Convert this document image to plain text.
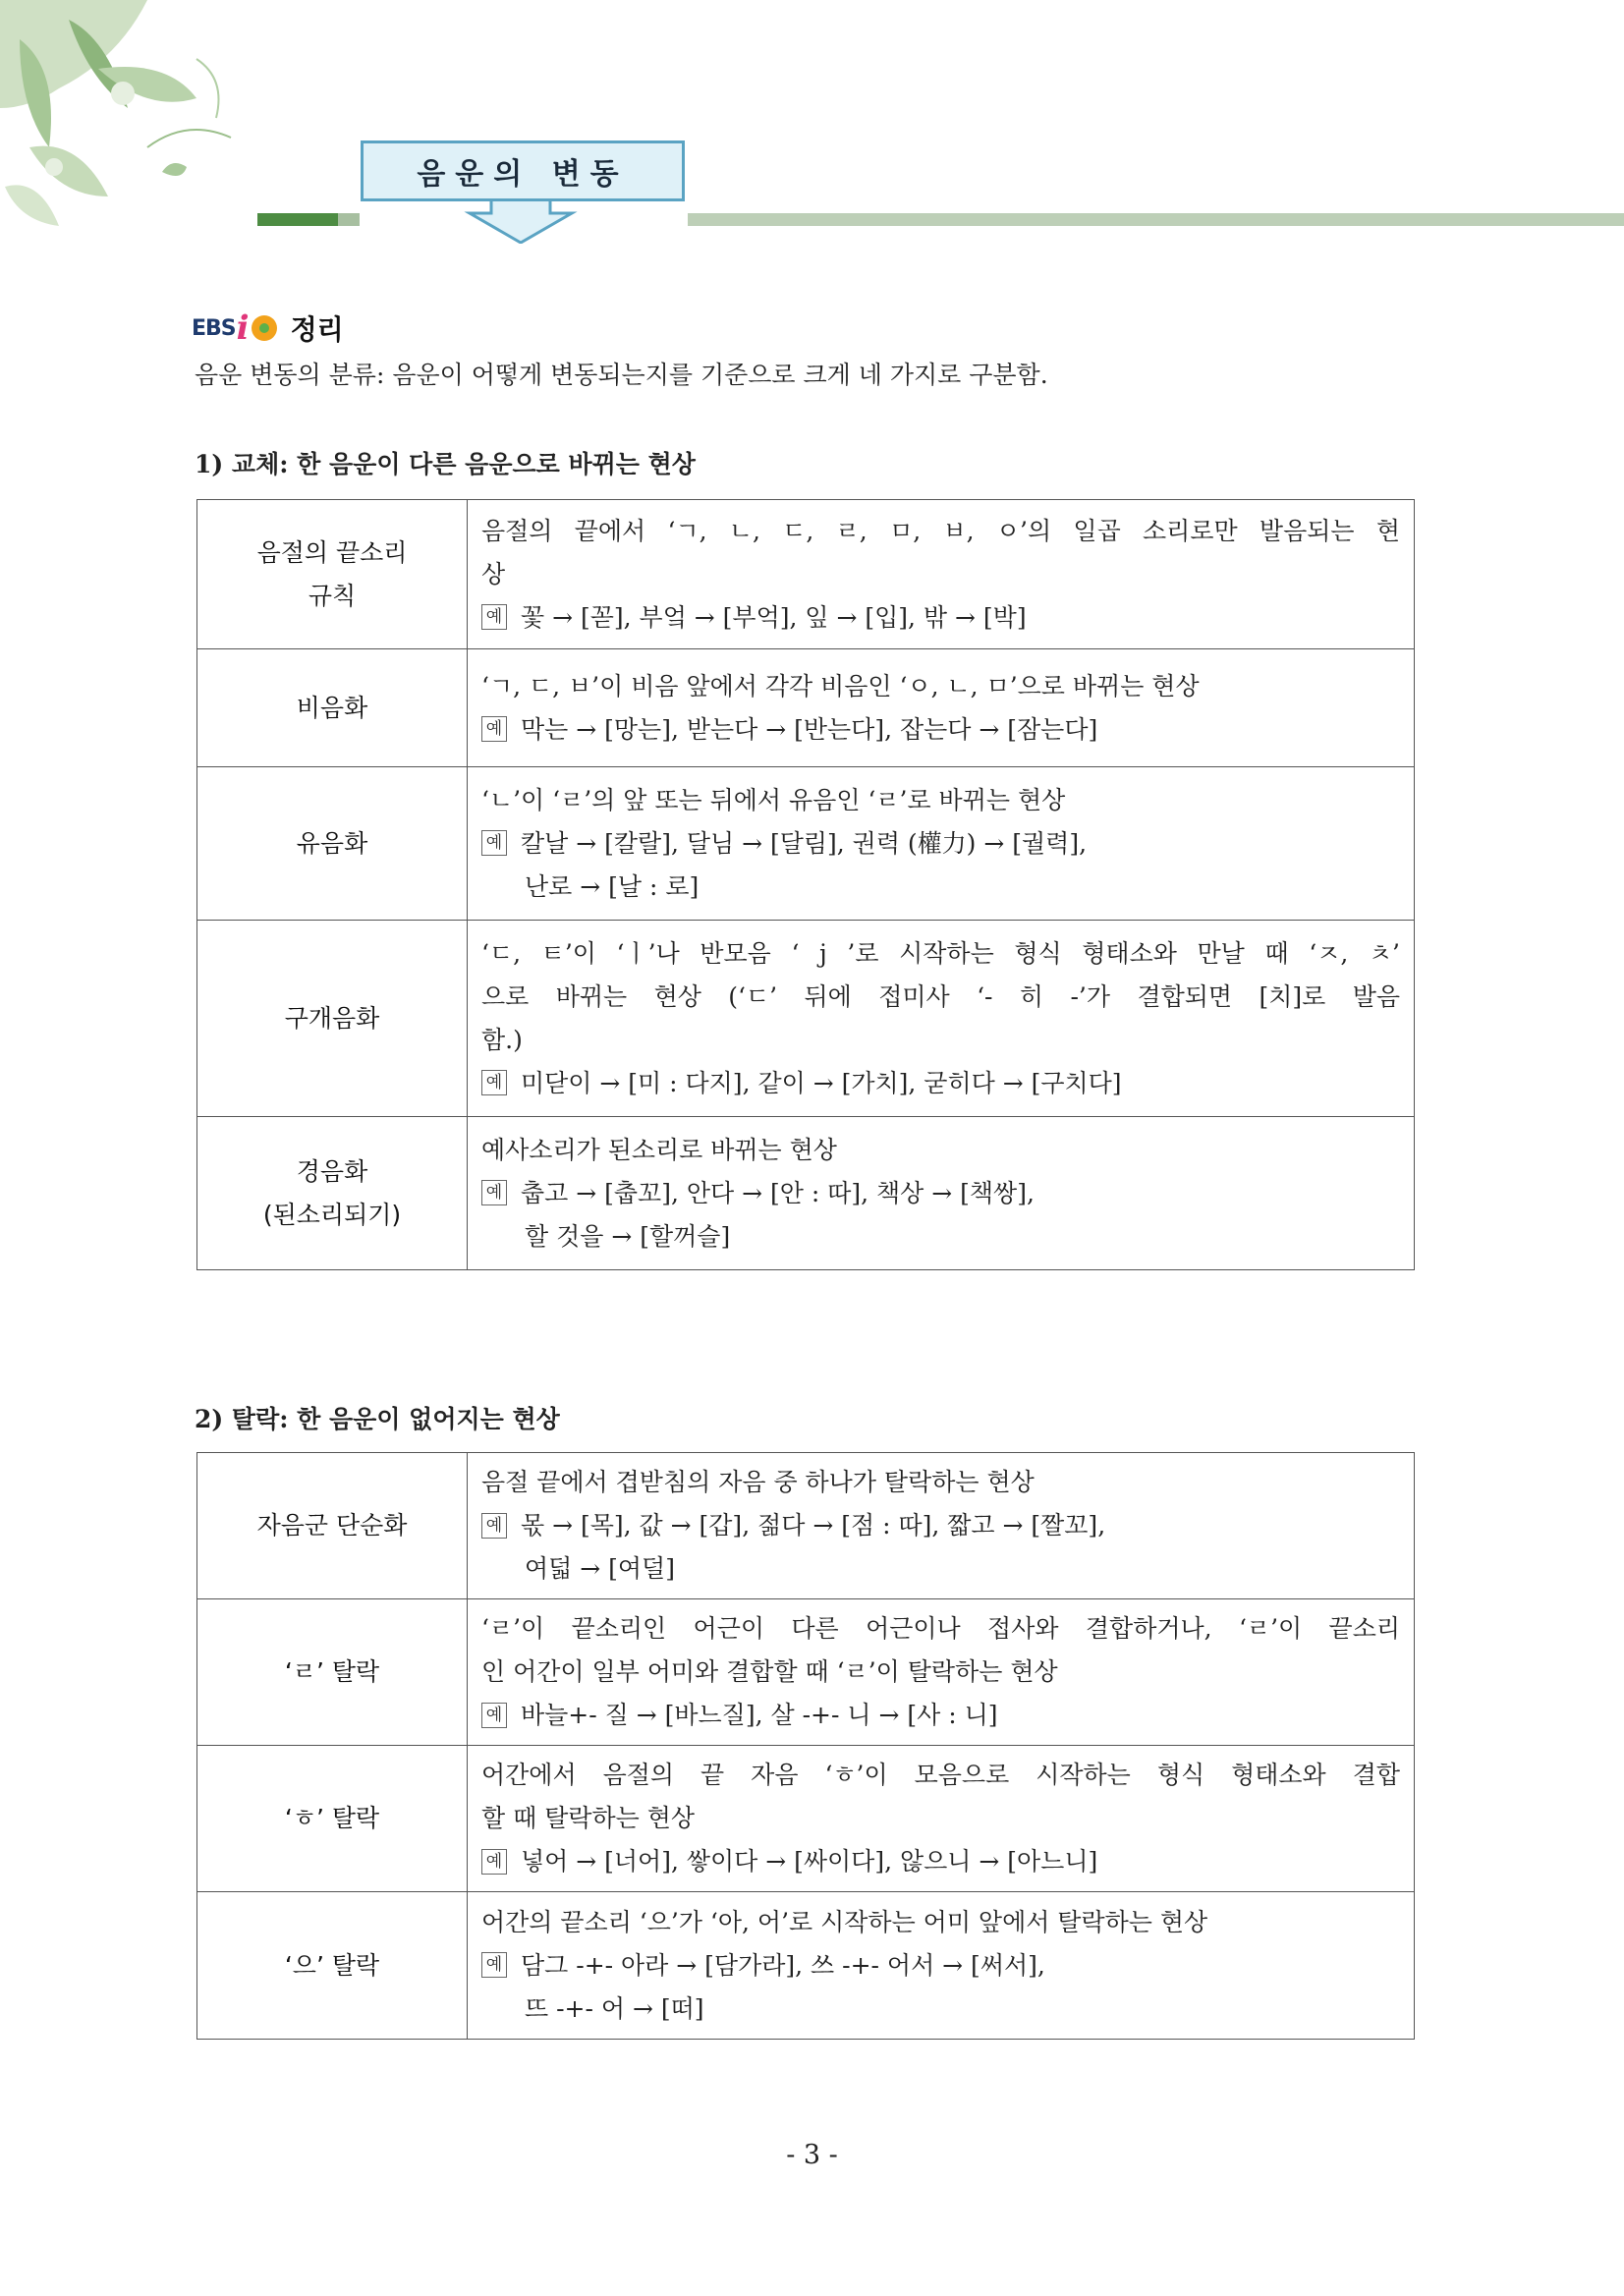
음운의 변동
EBS i 정리
음운 변동의 분류: 음운이 어떻게 변동되는지를 기준으로 크게 네 가지로 구분함.
1) 교체: 한 음운이 다른 음운으로 바뀌는 현상
음절의 끝소리
규칙	음절의 끝에서 ‘ㄱ, ㄴ, ㄷ, ㄹ, ㅁ, ㅂ, ㅇ’의 일곱 소리로만 발음되는 현
상
예 꽃 → [꼳], 부엌 → [부억], 잎 → [입], 밖 → [박]

비음화	‘ㄱ, ㄷ, ㅂ’이 비음 앞에서 각각 비음인 ‘ㅇ, ㄴ, ㅁ’으로 바뀌는 현상
예 막는 → [망는], 받는다 → [반는다], 잡는다 → [잠는다]

유음화	‘ㄴ’이 ‘ㄹ’의 앞 또는 뒤에서 유음인 ‘ㄹ’로 바뀌는 현상
예 칼날 → [칼랄], 달님 → [달림], 권력 (權力) → [궐력],
난로 → [날 : 로]

구개음화	‘ㄷ, ㅌ’이 ‘ㅣ’나 반모음 ‘ j ’로 시작하는 형식 형태소와 만날 때 ‘ㅈ, ㅊ’
으로 바뀌는 현상 (‘ㄷ’ 뒤에 접미사 ‘- 히 -’가 결합되면 [치]로 발음
함.)
예 미닫이 → [미 : 다지], 같이 → [가치], 굳히다 → [구치다]

경음화
(된소리되기)	예사소리가 된소리로 바뀌는 현상
예 춥고 → [춥꼬], 안다 → [안 : 따], 책상 → [책쌍],
할 것을 → [할꺼슬]
2) 탈락: 한 음운이 없어지는 현상
자음군 단순화	음절 끝에서 겹받침의 자음 중 하나가 탈락하는 현상
예 몫 → [목], 값 → [갑], 젊다 → [점 : 따], 짧고 → [짤꼬],
여덟 → [여덜]

‘ㄹ’ 탈락	‘ㄹ’이 끝소리인 어근이 다른 어근이나 접사와 결합하거나, ‘ㄹ’이 끝소리
인 어간이 일부 어미와 결합할 때 ‘ㄹ’이 탈락하는 현상
예 바늘+- 질 → [바느질], 살 -+- 니 → [사 : 니]

‘ㅎ’ 탈락	어간에서 음절의 끝 자음 ‘ㅎ’이 모음으로 시작하는 형식 형태소와 결합
할 때 탈락하는 현상
예 넣어 → [너어], 쌓이다 → [싸이다], 않으니 → [아느니]

‘으’ 탈락	어간의 끝소리 ‘으’가 ‘아, 어’로 시작하는 어미 앞에서 탈락하는 현상
예 담그 -+- 아라 → [담가라], 쓰 -+- 어서 → [써서],
뜨 -+- 어 → [떠]
- 3 -
